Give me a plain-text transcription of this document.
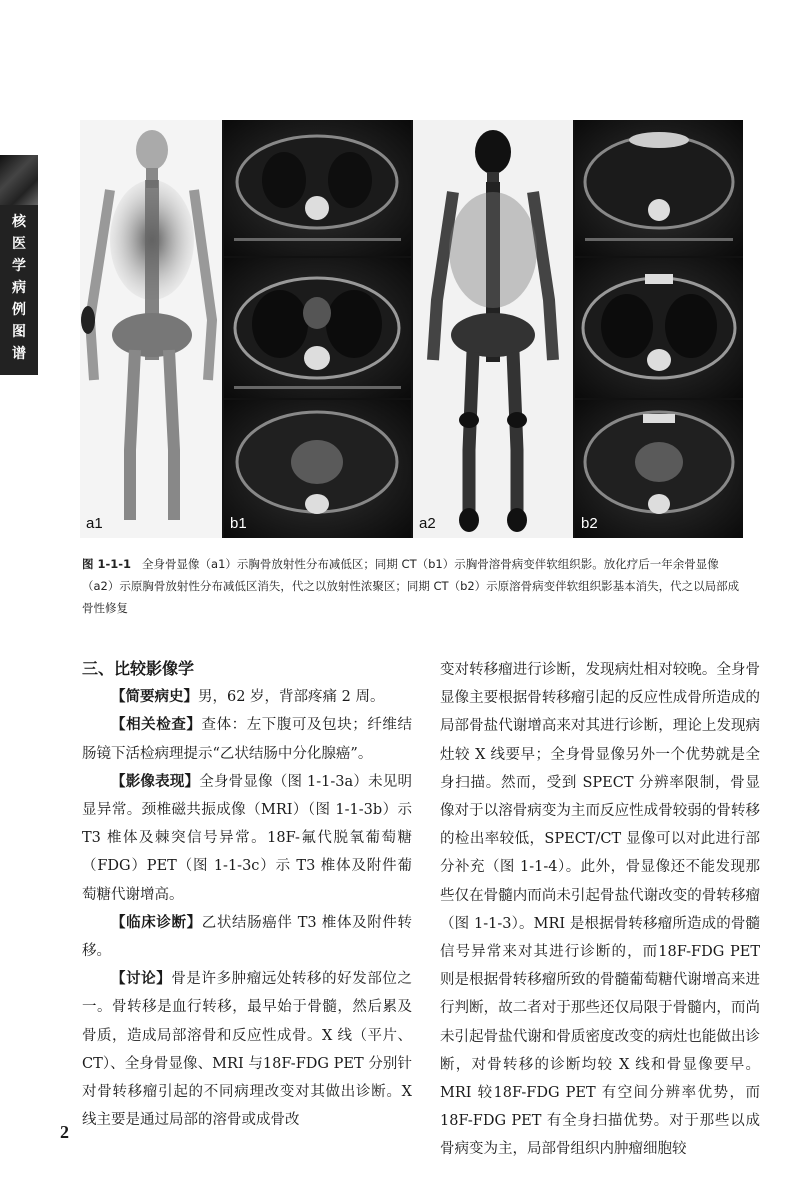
核
医
学
病
例
图
谱
a1	b1	a2	b2
图 1-1-1 全身骨显像（a1）示胸骨放射性分布减低区；同期 CT（b1）示胸骨溶骨病变伴软组织影。放化疗后一年余骨显像（a2）示原胸骨放射性分布减低区消失，代之以放射性浓聚区；同期 CT（b2）示原溶骨病变伴软组织影基本消失，代之以局部成骨性修复

三、比较影像学

【简要病史】男，62 岁，背部疼痛 2 周。

【相关检查】查体：左下腹可及包块；纤维结肠镜下活检病理提示“乙状结肠中分化腺癌”。

【影像表现】全身骨显像（图 1-1-3a）未见明显异常。颈椎磁共振成像（MRI）（图 1-1-3b）示 T3 椎体及棘突信号异常。18F-氟代脱氧葡萄糖（FDG）PET（图 1-1-3c）示 T3 椎体及附件葡萄糖代谢增高。

【临床诊断】乙状结肠癌伴 T3 椎体及附件转移。

【讨论】骨是许多肿瘤远处转移的好发部位之一。骨转移是血行转移，最早始于骨髓，然后累及骨质，造成局部溶骨和反应性成骨。X 线（平片、CT）、全身骨显像、MRI 与18F-FDG PET 分别针对骨转移瘤引起的不同病理改变对其做出诊断。X 线主要是通过局部的溶骨或成骨改

变对转移瘤进行诊断，发现病灶相对较晚。全身骨显像主要根据骨转移瘤引起的反应性成骨所造成的局部骨盐代谢增高来对其进行诊断，理论上发现病灶较 X 线要早；全身骨显像另外一个优势就是全身扫描。然而，受到 SPECT 分辨率限制，骨显像对于以溶骨病变为主而反应性成骨较弱的骨转移的检出率较低，SPECT/CT 显像可以对此进行部分补充（图 1-1-4）。此外，骨显像还不能发现那些仅在骨髓内而尚未引起骨盐代谢改变的骨转移瘤（图 1-1-3）。MRI 是根据骨转移瘤所造成的骨髓信号异常来对其进行诊断的，而18F-FDG PET 则是根据骨转移瘤所致的骨髓葡萄糖代谢增高来进行判断，故二者对于那些还仅局限于骨髓内，而尚未引起骨盐代谢和骨质密度改变的病灶也能做出诊断，对骨转移的诊断均较 X 线和骨显像要早。MRI 较18F-FDG PET 有空间分辨率优势，而18F-FDG PET 有全身扫描优势。对于那些以成骨病变为主，局部骨组织内肿瘤细胞较

2
